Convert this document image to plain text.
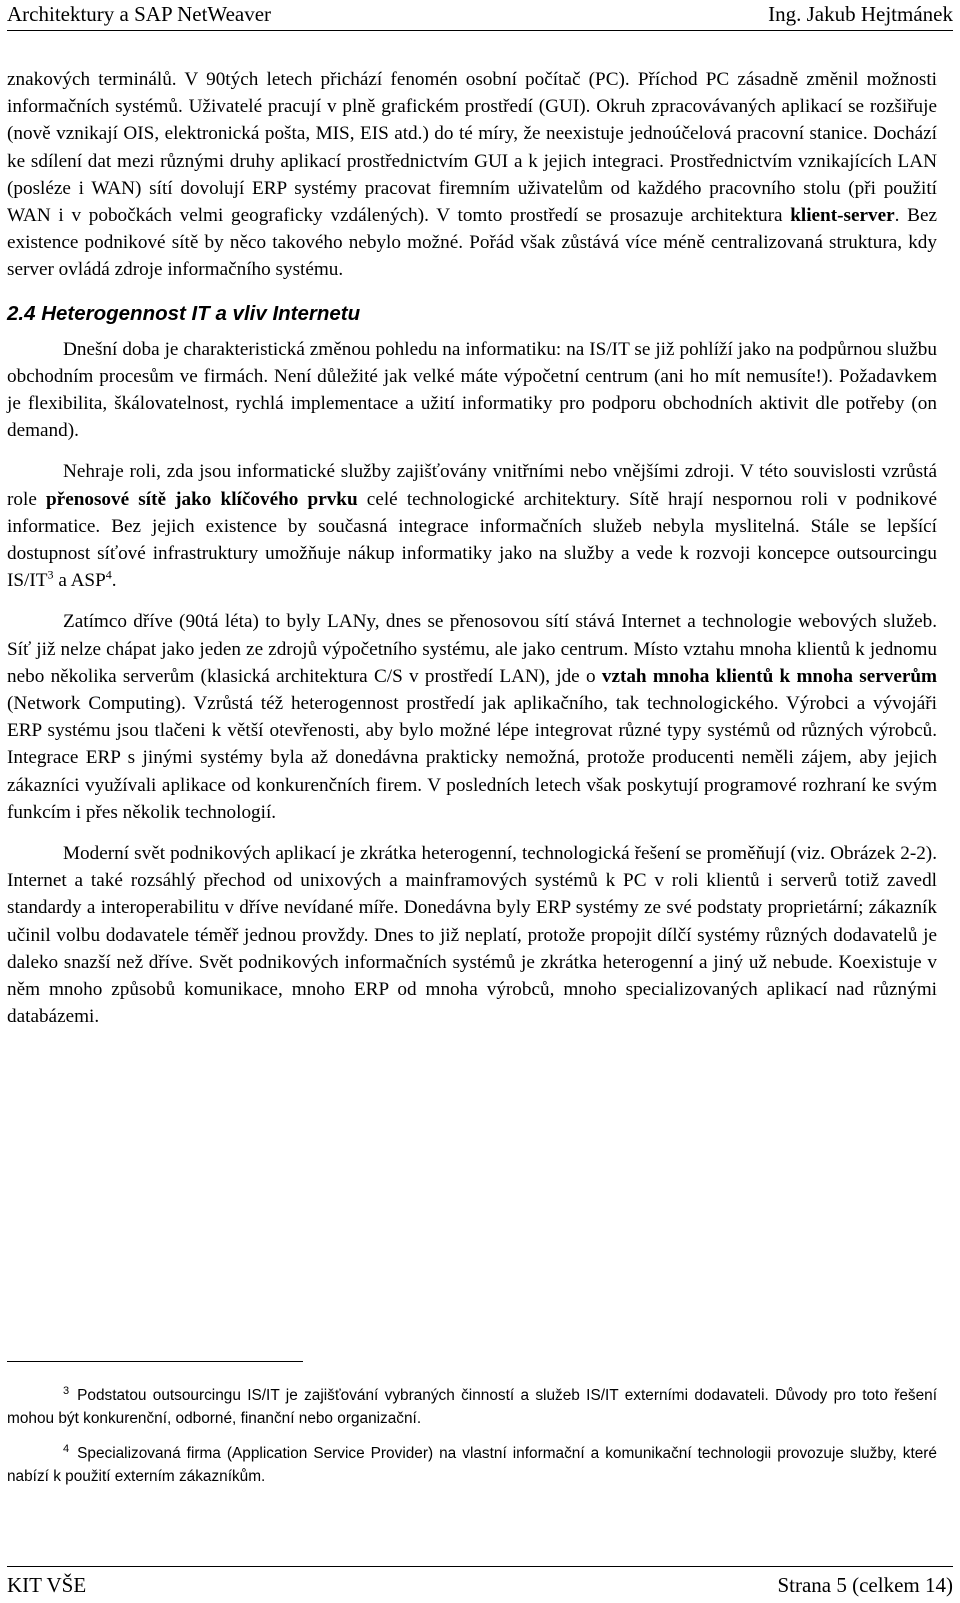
Architektury a SAP NetWeaver	Ing. Jakub Hejtmánek

znakových terminálů. V 90tých letech přichází fenomén osobní počítač (PC). Příchod PC zásadně změnil možnosti informačních systémů. Uživatelé pracují v plně grafickém prostředí (GUI). Okruh zpracovávaných aplikací se rozšiřuje (nově vznikají OIS, elektronická pošta, MIS, EIS atd.) do té míry, že neexistuje jednoúčelová pracovní stanice. Dochází ke sdílení dat mezi různými druhy aplikací prostřednictvím GUI a k jejich integraci. Prostřednictvím vznikajících LAN (posléze i WAN) sítí dovolují ERP systémy pracovat firemním uživatelům od každého pracovního stolu (při použití WAN i v pobočkách velmi geograficky vzdálených). V tomto prostředí se prosazuje architektura klient-server. Bez existence podnikové sítě by něco takového nebylo možné. Pořád však zůstává více méně centralizovaná struktura, kdy server ovládá zdroje informačního systému.

2.4 Heterogennost IT a vliv Internetu

Dnešní doba je charakteristická změnou pohledu na informatiku: na IS/IT se již pohlíží jako na podpůrnou službu obchodním procesům ve firmách. Není důležité jak velké máte výpočetní centrum (ani ho mít nemusíte!). Požadavkem je flexibilita, škálovatelnost, rychlá implementace a užití informatiky pro podporu obchodních aktivit dle potřeby (on demand).

Nehraje roli, zda jsou informatické služby zajišťovány vnitřními nebo vnějšími zdroji. V této souvislosti vzrůstá role přenosové sítě jako klíčového prvku celé technologické architektury. Sítě hrají nespornou roli v podnikové informatice. Bez jejich existence by současná integrace informačních služeb nebyla myslitelná. Stále se lepšící dostupnost síťové infrastruktury umožňuje nákup informatiky jako na služby a vede k rozvoji koncepce outsourcingu $IS/IT^3$ a ASP$^4$.

Zatímco dříve (90tá léta) to byly LANy, dnes se přenosovou sítí stává Internet a technologie webových služeb. Síť již nelze chápat jako jeden ze zdrojů výpočetního systému, ale jako centrum. Místo vztahu mnoha klientů k jednomu nebo několika serverům (klasická architektura C/S v prostředí LAN), jde o vztah mnoha klientů k mnoha serverům (Network Computing). Vzrůstá též heterogennost prostředí jak aplikačního, tak technologického. Výrobci a vývojáři ERP systému jsou tlačeni k větší otevřenosti, aby bylo možné lépe integrovat různé typy systémů od různých výrobců. Integrace ERP s jinými systémy byla až donedávna prakticky nemožná, protože producenti neměli zájem, aby jejich zákazníci využívali aplikace od konkurenčních firem. V posledních letech však poskytují programové rozhraní ke svým funkcím i přes několik technologií.

Moderní svět podnikových aplikací je zkrátka heterogenní, technologická řešení se proměňují (viz. Obrázek 2-2). Internet a také rozsáhlý přechod od unixových a mainframových systémů k PC v roli klientů i serverů totiž zavedl standardy a interoperabilitu v dříve nevídané míře. Donedávna byly ERP systémy ze své podstaty proprietární; zákazník učinil volbu dodavatele téměř jednou provždy. Dnes to již neplatí, protože propojit dílčí systémy různých dodavatelů je daleko snazší než dříve. Svět podnikových informačních systémů je zkrátka heterogenní a jiný už nebude. Koexistuje v něm mnoho způsobů komunikace, mnoho ERP od mnoha výrobců, mnoho specializovaných aplikací nad různými databázemi.

$^3$ Podstatou outsourcingu IS/IT je zajišťování vybraných činností a služeb IS/IT externími dodavateli. Důvody pro toto řešení mohou být konkurenční, odborné, finanční nebo organizační.

$^4$ Specializovaná firma (Application Service Provider) na vlastní informační a komunikační technologii provozuje služby, které nabízí k použití externím zákazníkům.

KIT VŠE	Strana 5 (celkem 14)
